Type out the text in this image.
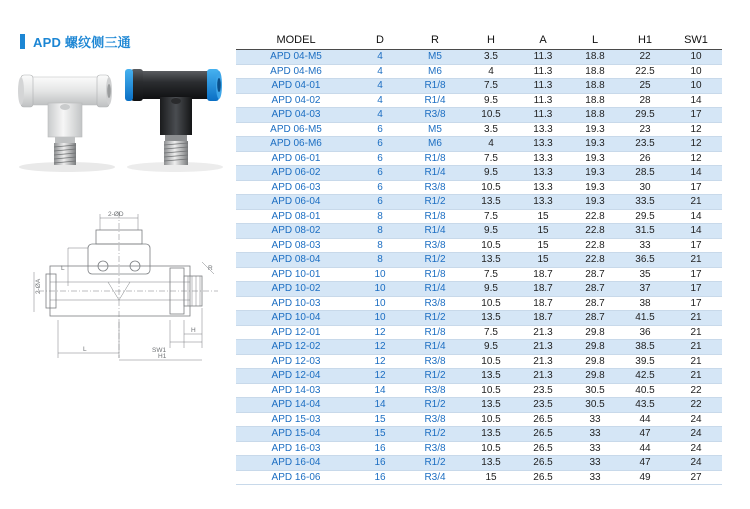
APD 螺纹侧三通
2-ØD
2-ØA
L
L	SW1
H
H1
R
MODEL	D	R	H	A	L	H1	SW1
APD 04-M5	4	M5	3.5	11.3	18.8	22	10
APD 04-M6	4	M6	4	11.3	18.8	22.5	10
APD 04-01	4	R1/8	7.5	11.3	18.8	25	10
APD 04-02	4	R1/4	9.5	11.3	18.8	28	14
APD 04-03	4	R3/8	10.5	11.3	18.8	29.5	17
APD 06-M5	6	M5	3.5	13.3	19.3	23	12
APD 06-M6	6	M6	4	13.3	19.3	23.5	12
APD 06-01	6	R1/8	7.5	13.3	19.3	26	12
APD 06-02	6	R1/4	9.5	13.3	19.3	28.5	14
APD 06-03	6	R3/8	10.5	13.3	19.3	30	17
APD 06-04	6	R1/2	13.5	13.3	19.3	33.5	21
APD 08-01	8	R1/8	7.5	15	22.8	29.5	14
APD 08-02	8	R1/4	9.5	15	22.8	31.5	14
APD 08-03	8	R3/8	10.5	15	22.8	33	17
APD 08-04	8	R1/2	13.5	15	22.8	36.5	21
APD 10-01	10	R1/8	7.5	18.7	28.7	35	17
APD 10-02	10	R1/4	9.5	18.7	28.7	37	17
APD 10-03	10	R3/8	10.5	18.7	28.7	38	17
APD 10-04	10	R1/2	13.5	18.7	28.7	41.5	21
APD 12-01	12	R1/8	7.5	21.3	29.8	36	21
APD 12-02	12	R1/4	9.5	21.3	29.8	38.5	21
APD 12-03	12	R3/8	10.5	21.3	29.8	39.5	21
APD 12-04	12	R1/2	13.5	21.3	29.8	42.5	21
APD 14-03	14	R3/8	10.5	23.5	30.5	40.5	22
APD 14-04	14	R1/2	13.5	23.5	30.5	43.5	22
APD 15-03	15	R3/8	10.5	26.5	33	44	24
APD 15-04	15	R1/2	13.5	26.5	33	47	24
APD 16-03	16	R3/8	10.5	26.5	33	44	24
APD 16-04	16	R1/2	13.5	26.5	33	47	24
APD 16-06	16	R3/4	15	26.5	33	49	27
